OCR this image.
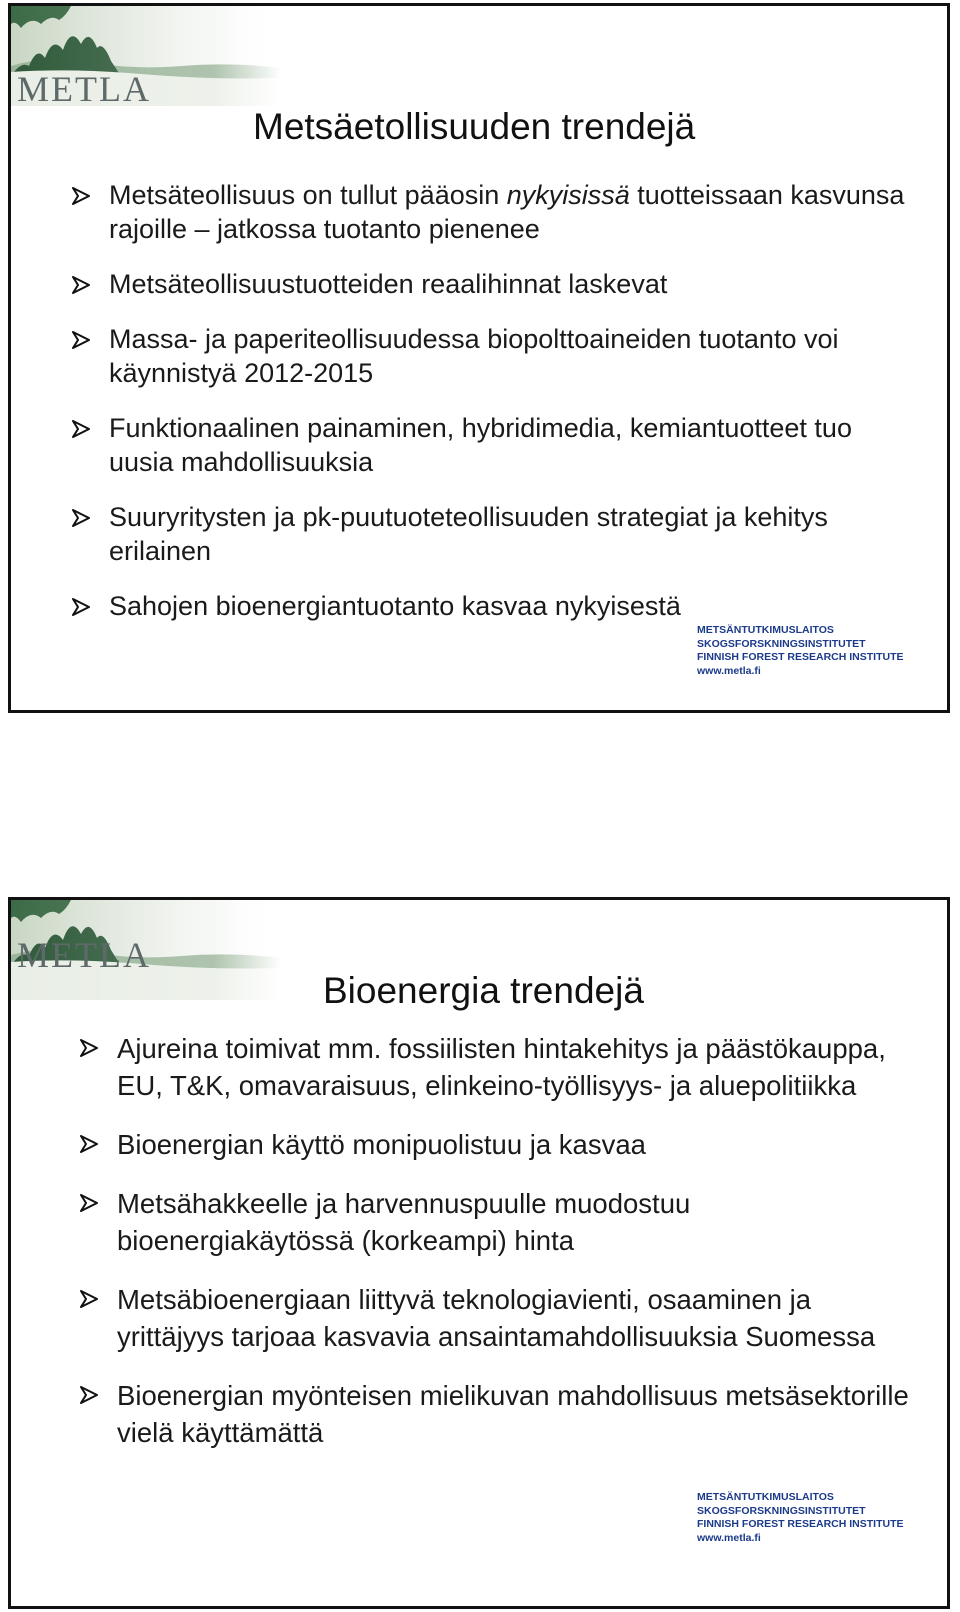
METLA
Metsäetollisuuden trendejä
Metsäteollisuus on tullut pääosin nykyisissä tuotteissaan kasvunsa rajoille – jatkossa tuotanto pienenee
Metsäteollisuustuotteiden reaalihinnat laskevat
Massa- ja paperiteollisuudessa biopolttoaineiden tuotanto voi käynnistyä 2012-2015
Funktionaalinen painaminen, hybridimedia, kemiantuotteet tuo uusia mahdollisuuksia
Suuryritysten ja pk-puutuoteteollisuuden strategiat ja kehitys erilainen
Sahojen bioenergiantuotanto kasvaa nykyisestä
METSÄNTUTKIMUSLAITOS
SKOGSFORSKNINGSINSTITUTET
FINNISH FOREST RESEARCH INSTITUTE
www.metla.fi
METLA
Bioenergia trendejä
Ajureina toimivat mm. fossiilisten hintakehitys ja päästökauppa, EU, T&K, omavaraisuus, elinkeino-työllisyys- ja aluepolitiikka
Bioenergian käyttö monipuolistuu ja kasvaa
Metsähakkeelle ja harvennuspuulle muodostuu bioenergiakäytössä (korkeampi) hinta
Metsäbioenergiaan liittyvä teknologiavienti, osaaminen ja yrittäjyys tarjoaa kasvavia ansaintamahdollisuuksia Suomessa
Bioenergian myönteisen mielikuvan mahdollisuus metsäsektorille vielä käyttämättä
METSÄNTUTKIMUSLAITOS
SKOGSFORSKNINGSINSTITUTET
FINNISH FOREST RESEARCH INSTITUTE
www.metla.fi
